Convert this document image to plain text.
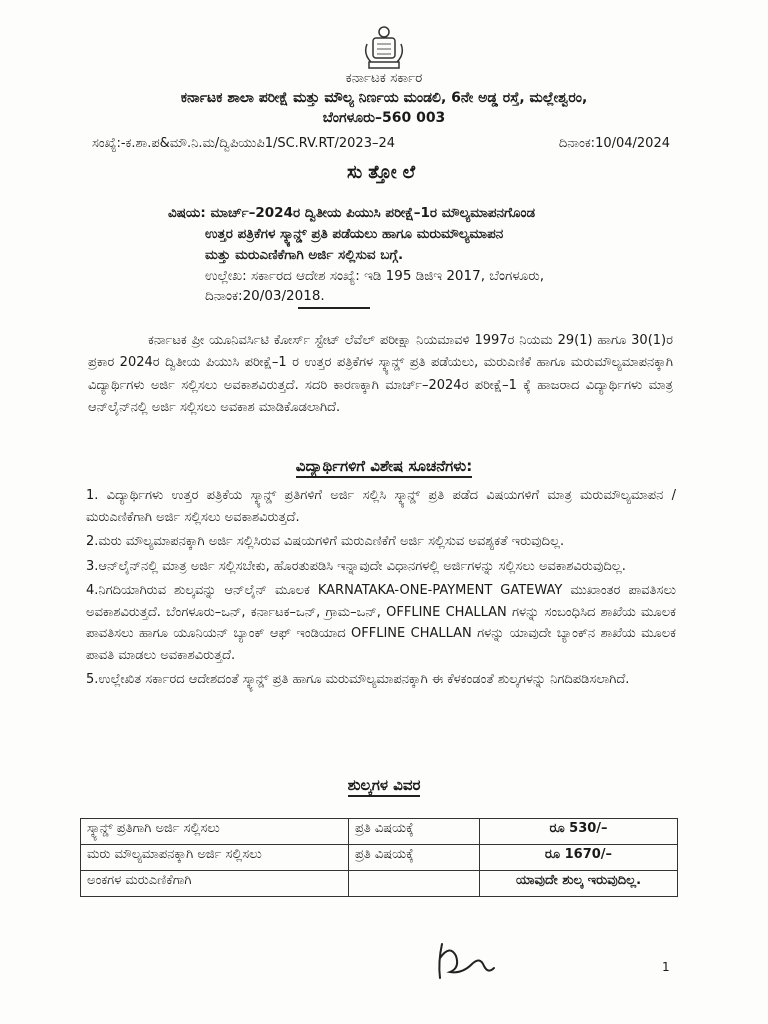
ಕರ್ನಾಟಕ ಸರ್ಕಾರ
ಕರ್ನಾಟಕ ಶಾಲಾ ಪರೀಕ್ಷೆ ಮತ್ತು ಮೌಲ್ಯ ನಿರ್ಣಯ ಮಂಡಲಿ, 6ನೇ ಅಡ್ಡ ರಸ್ತೆ, ಮಲ್ಲೇಶ್ವರಂ,
ಬೆಂಗಳೂರು–560 003
ಸಂಖ್ಯೆ:-ಕ.ಶಾ.ಪ&ಮೌ.ನಿ.ಮ/ದ್ವಿಪಿಯುಪಿ1/SC.RV.RT/2023–24	ದಿನಾಂಕ:10/04/2024
ಸುತ್ತೋಲೆ
ವಿಷಯ: ಮಾರ್ಚ್–2024ರ ದ್ವಿತೀಯ ಪಿಯುಸಿ ಪರೀಕ್ಷೆ–1ರ ಮೌಲ್ಯಮಾಪನಗೊಂಡ
ಉತ್ತರ ಪತ್ರಿಕೆಗಳ ಸ್ಕ್ಯಾನ್ಡ್ ಪ್ರತಿ ಪಡೆಯಲು ಹಾಗೂ ಮರುಮೌಲ್ಯಮಾಪನ
ಮತ್ತು ಮರುಎಣಿಕೆಗಾಗಿ ಅರ್ಜಿ ಸಲ್ಲಿಸುವ ಬಗ್ಗೆ.
ಉಲ್ಲೇಖ: ಸರ್ಕಾರದ ಆದೇಶ ಸಂಖ್ಯೆ: ಇಡಿ 195 ಡಿಜಿಇ 2017, ಬೆಂಗಳೂರು,
ದಿನಾಂಕ:20/03/2018.
ಕರ್ನಾಟಕ ಪ್ರೀ ಯೂನಿವರ್ಸಿಟಿ ಕೋರ್ಸ್ ಸ್ಟೇಟ್ ಲೆವೆಲ್ ಪರೀಕ್ಷಾ ನಿಯಮಾವಳಿ 1997ರ ನಿಯಮ 29(1) ಹಾಗೂ 30(1)ರ ಪ್ರಕಾರ 2024ರ ದ್ವಿತೀಯ ಪಿಯುಸಿ ಪರೀಕ್ಷೆ–1 ರ ಉತ್ತರ ಪತ್ರಿಕೆಗಳ ಸ್ಕ್ಯಾನ್ಡ್ ಪ್ರತಿ ಪಡೆಯಲು, ಮರುಎಣಿಕೆ ಹಾಗೂ ಮರುಮೌಲ್ಯಮಾಪನಕ್ಕಾಗಿ ವಿದ್ಯಾರ್ಥಿಗಳು ಅರ್ಜಿ ಸಲ್ಲಿಸಲು ಅವಕಾಶವಿರುತ್ತದೆ. ಸದರಿ ಕಾರಣಕ್ಕಾಗಿ ಮಾರ್ಚ್–2024ರ ಪರೀಕ್ಷೆ–1 ಕ್ಕೆ ಹಾಜರಾದ ವಿದ್ಯಾರ್ಥಿಗಳು ಮಾತ್ರ ಆನ್‌ಲೈನ್‌ನಲ್ಲಿ ಅರ್ಜಿ ಸಲ್ಲಿಸಲು ಅವಕಾಶ ಮಾಡಿಕೊಡಲಾಗಿದೆ.
ವಿದ್ಯಾರ್ಥಿಗಳಿಗೆ ವಿಶೇಷ ಸೂಚನೆಗಳು:
1. ವಿದ್ಯಾರ್ಥಿಗಳು ಉತ್ತರ ಪತ್ರಿಕೆಯ ಸ್ಕ್ಯಾನ್ಡ್ ಪ್ರತಿಗಳಿಗೆ ಅರ್ಜಿ ಸಲ್ಲಿಸಿ ಸ್ಕ್ಯಾನ್ಡ್ ಪ್ರತಿ ಪಡೆದ ವಿಷಯಗಳಿಗೆ ಮಾತ್ರ ಮರುಮೌಲ್ಯಮಾಪನ /ಮರುಎಣಿಕೆಗಾಗಿ ಅರ್ಜಿ ಸಲ್ಲಿಸಲು ಅವಕಾಶವಿರುತ್ತದೆ.
2.ಮರು ಮೌಲ್ಯಮಾಪನಕ್ಕಾಗಿ ಅರ್ಜಿ ಸಲ್ಲಿಸಿರುವ ವಿಷಯಗಳಿಗೆ ಮರುಎಣಿಕೆಗೆ ಅರ್ಜಿ ಸಲ್ಲಿಸುವ ಅವಶ್ಯಕತೆ ಇರುವುದಿಲ್ಲ.
3.ಆನ್‌ಲೈನ್‌ನಲ್ಲಿ ಮಾತ್ರ ಅರ್ಜಿ ಸಲ್ಲಿಸಬೇಕು, ಹೊರತುಪಡಿಸಿ ಇನ್ನಾವುದೇ ವಿಧಾನಗಳಲ್ಲಿ ಅರ್ಜಿಗಳನ್ನು ಸಲ್ಲಿಸಲು ಅವಕಾಶವಿರುವುದಿಲ್ಲ.
4.ನಿಗದಿಯಾಗಿರುವ ಶುಲ್ಕವನ್ನು ಆನ್‌ಲೈನ್ ಮೂಲಕ KARNATAKA-ONE-PAYMENT GATEWAY ಮುಖಾಂತರ ಪಾವತಿಸಲು ಅವಕಾಶವಿರುತ್ತದೆ. ಬೆಂಗಳೂರು–ಒನ್, ಕರ್ನಾಟಕ–ಒನ್, ಗ್ರಾಮ–ಒನ್, OFFLINE CHALLAN ಗಳನ್ನು ಸಂಬಂಧಿಸಿದ ಶಾಖೆಯ ಮೂಲಕ ಪಾವತಿಸಲು ಹಾಗೂ ಯೂನಿಯನ್ ಬ್ಯಾಂಕ್ ಆಫ್ ಇಂಡಿಯಾದ OFFLINE CHALLAN ಗಳನ್ನು ಯಾವುದೇ ಬ್ಯಾಂಕ್‌ನ ಶಾಖೆಯ ಮೂಲಕ ಪಾವತಿ ಮಾಡಲು ಅವಕಾಶವಿರುತ್ತದೆ.
5.ಉಲ್ಲೇಖಿತ ಸರ್ಕಾರದ ಆದೇಶದಂತೆ ಸ್ಕ್ಯಾನ್ಡ್ ಪ್ರತಿ ಹಾಗೂ ಮರುಮೌಲ್ಯಮಾಪನಕ್ಕಾಗಿ ಈ ಕೆಳಕಂಡಂತೆ ಶುಲ್ಕಗಳನ್ನು ನಿಗದಿಪಡಿಸಲಾಗಿದೆ.
ಶುಲ್ಕಗಳ ವಿವರ
ಸ್ಕ್ಯಾನ್ಡ್ ಪ್ರತಿಗಾಗಿ ಅರ್ಜಿ ಸಲ್ಲಿಸಲು	ಪ್ರತಿ ವಿಷಯಕ್ಕೆ	ರೂ 530/–
ಮರು ಮೌಲ್ಯಮಾಪನಕ್ಕಾಗಿ ಅರ್ಜಿ ಸಲ್ಲಿಸಲು	ಪ್ರತಿ ವಿಷಯಕ್ಕೆ	ರೂ 1670/–
ಅಂಕಗಳ ಮರುಎಣಿಕೆಗಾಗಿ		ಯಾವುದೇ ಶುಲ್ಕ ಇರುವುದಿಲ್ಲ.
1
